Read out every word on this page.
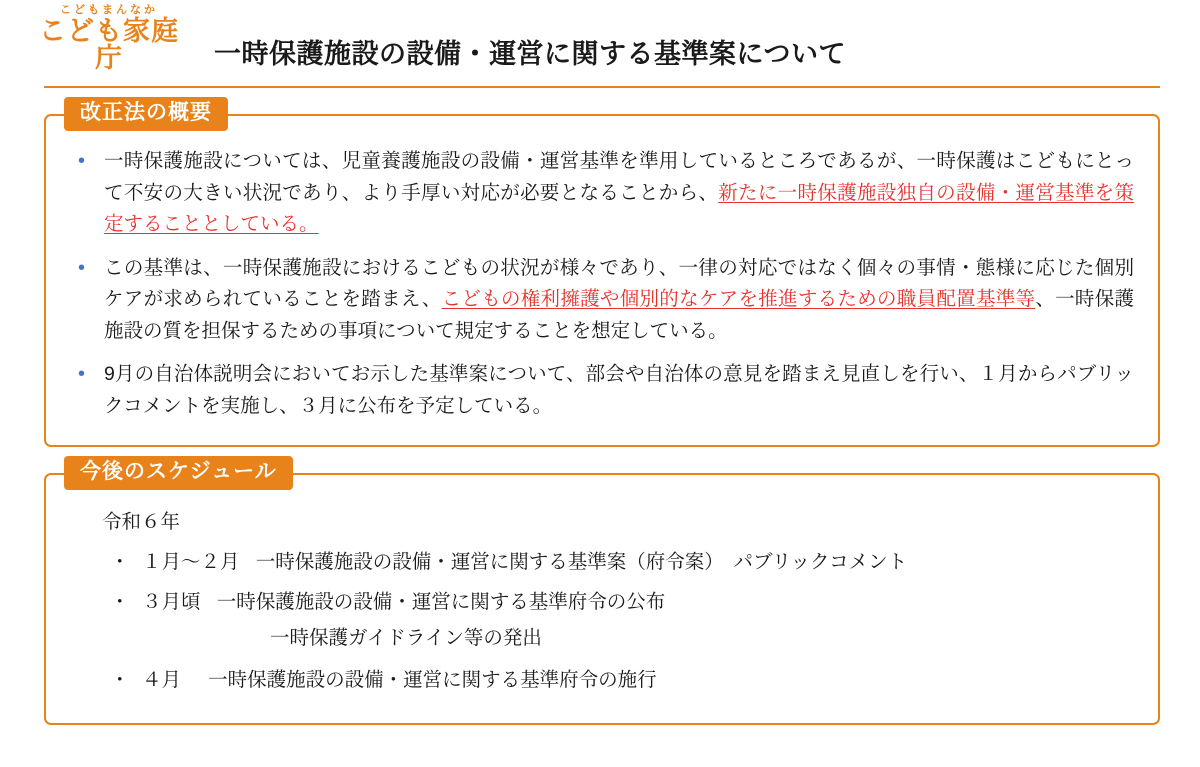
こどもまんなか
こども家庭庁	一時保護施設の設備・運営に関する基準案について
改正法の概要
• 一時保護施設については、児童養護施設の設備・運営基準を準用しているところであるが、一時保護はこどもにとって不安の大きい状況であり、より手厚い対応が必要となることから、新たに一時保護施設独自の設備・運営基準を策定することとしている。
• この基準は、一時保護施設におけるこどもの状況が様々であり、一律の対応ではなく個々の事情・態様に応じた個別ケアが求められていることを踏まえ、こどもの権利擁護や個別的なケアを推進するための職員配置基準等、一時保護施設の質を担保するための事項について規定することを想定している。
• 9月の自治体説明会においてお示した基準案について、部会や自治体の意見を踏まえ見直しを行い、１月からパブリックコメントを実施し、３月に公布を予定している。
今後のスケジュール
令和６年
・ １月～２月 一時保護施設の設備・運営に関する基準案（府令案）　パブリックコメント
・ ３月頃 一時保護施設の設備・運営に関する基準府令の公布
一時保護ガイドライン等の発出
・ ４月 一時保護施設の設備・運営に関する基準府令の施行
